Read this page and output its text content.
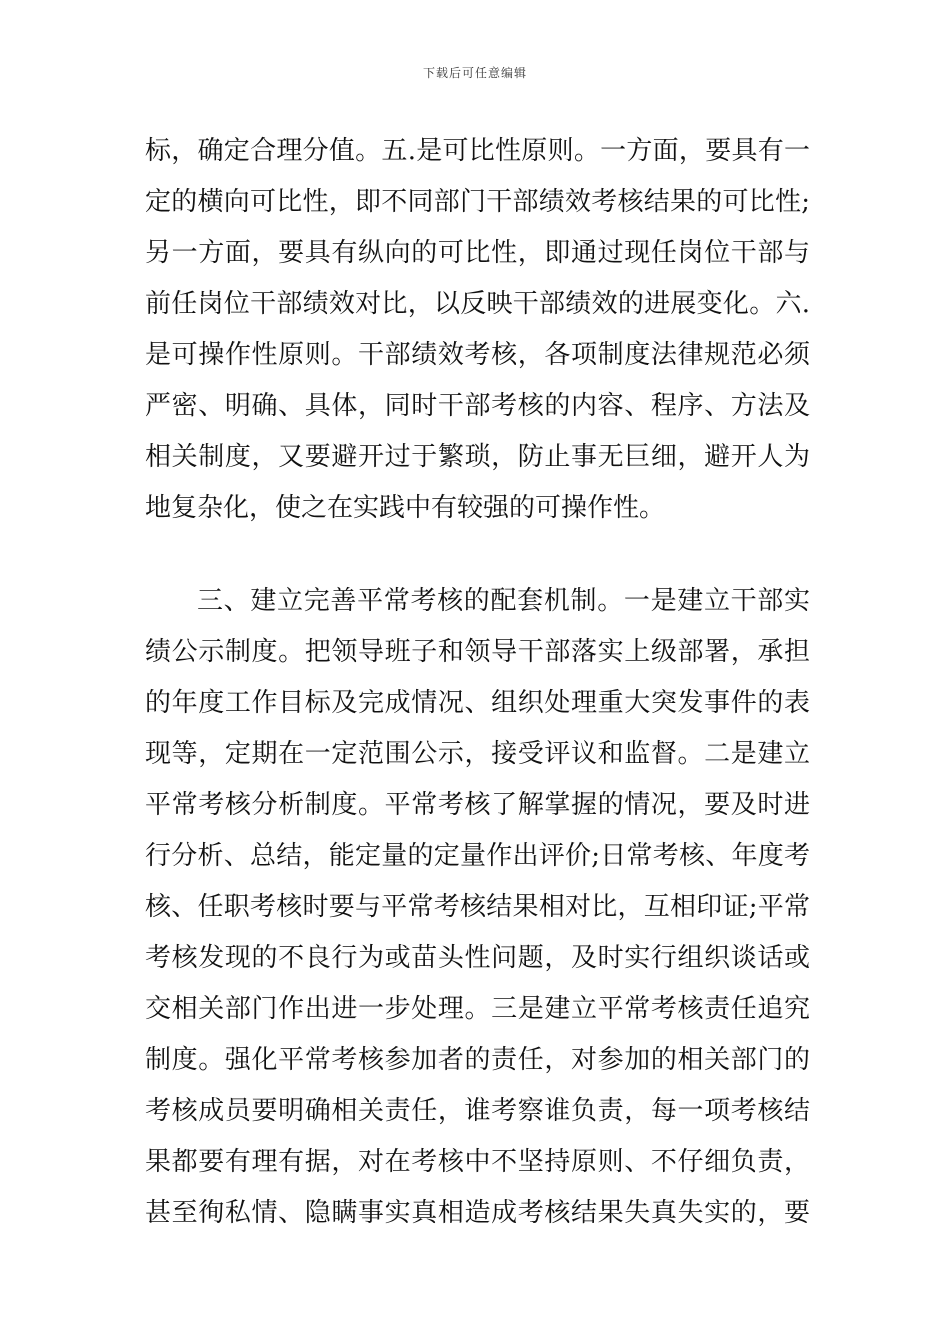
下载后可任意编辑
标，确定合理分值。五.是可比性原则。一方面，要具有一
定的横向可比性，即不同部门干部绩效考核结果的可比性;
另一方面，要具有纵向的可比性，即通过现任岗位干部与
前任岗位干部绩效对比，以反映干部绩效的进展变化。六.
是可操作性原则。干部绩效考核，各项制度法律规范必须
严密、明确、具体，同时干部考核的内容、程序、方法及
相关制度，又要避开过于繁琐，防止事无巨细，避开人为
地复杂化，使之在实践中有较强的可操作性。
三、建立完善平常考核的配套机制。一是建立干部实
绩公示制度。把领导班子和领导干部落实上级部署，承担
的年度工作目标及完成情况、组织处理重大突发事件的表
现等，定期在一定范围公示，接受评议和监督。二是建立
平常考核分析制度。平常考核了解掌握的情况，要及时进
行分析、总结，能定量的定量作出评价;日常考核、年度考
核、任职考核时要与平常考核结果相对比，互相印证;平常
考核发现的不良行为或苗头性问题，及时实行组织谈话或
交相关部门作出进一步处理。三是建立平常考核责任追究
制度。强化平常考核参加者的责任，对参加的相关部门的
考核成员要明确相关责任，谁考察谁负责，每一项考核结
果都要有理有据，对在考核中不坚持原则、不仔细负责，
甚至徇私情、隐瞒事实真相造成考核结果失真失实的，要
